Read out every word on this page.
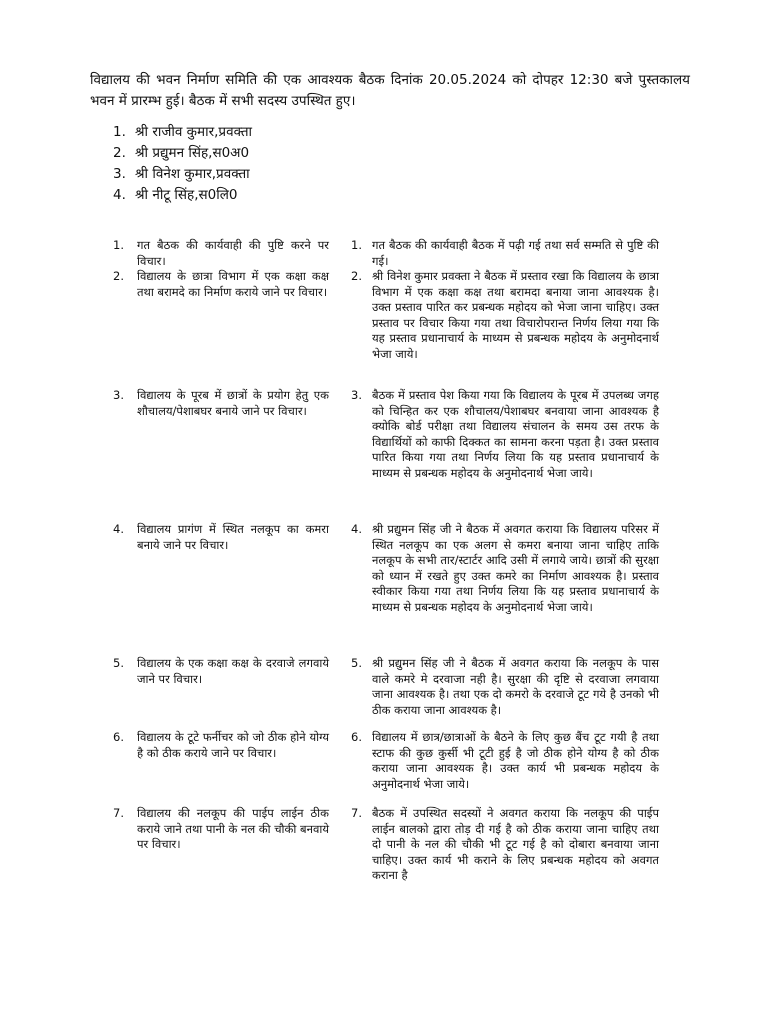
विद्यालय की भवन निर्माण समिति की एक आवश्यक बैठक दिनांक 20.05.2024 को दोपहर 12:30 बजे पुस्तकालय भवन में प्रारम्भ हुई। बैठक में सभी सदस्य उपस्थित हुए।
1. श्री राजीव कुमार,प्रवक्ता
2. श्री प्रद्युमन सिंह,स0अ0
3. श्री विनेश कुमार,प्रवक्ता
4. श्री नीटू सिंह,स0लि0
1. गत बैठक की कार्यवाही की पुष्टि करने पर विचार।
2. विद्यालय के छात्रा विभाग में एक कक्षा कक्ष तथा बरामदे का निर्माण कराये जाने पर विचार।
3. विद्यालय के पूरब में छात्रों के प्रयोग हेतु एक शौचालय/पेशाबघर बनाये जाने पर विचार।
4. विद्यालय प्रागंण में स्थित नलकूप का कमरा बनाये जाने पर विचार।
5. विद्यालय के एक कक्षा कक्ष के दरवाजे लगवाये जाने पर विचार।
6. विद्यालय के टूटे फर्नीचर को जो ठीक होने योग्य है को ठीक कराये जाने पर विचार।
7. विद्यालय की नलकूप की पाईप लाईन ठीक कराये जाने तथा पानी के नल की चौकी बनवाये पर विचार।
1. गत बैठक की कार्यवाही बैठक में पढ़ी गई तथा सर्व सम्मति से पुष्टि की गई।
2. श्री विनेश कुमार प्रवक्ता ने बैठक में प्रस्ताव रखा कि विद्यालय के छात्रा विभाग में एक कक्षा कक्ष तथा बरामदा बनाया जाना आवश्यक है। उक्त प्रस्ताव पारित कर प्रबन्धक महोदय को भेजा जाना चाहिए। उक्त प्रस्ताव पर विचार किया गया तथा विचारोपरान्त निर्णय लिया गया कि यह प्रस्ताव प्रधानाचार्य के माध्यम से प्रबन्धक महोदय के अनुमोदनार्थ भेजा जाये।
3. बैठक में प्रस्ताव पेश किया गया कि विद्यालय के पूरब में उपलब्ध जगह को चिन्हित कर एक शौचालय/पेशाबघर बनवाया जाना आवश्यक है क्योकि बोर्ड परीक्षा तथा विद्यालय संचालन के समय उस तरफ के विद्यार्थियों को काफी दिक्कत का सामना करना पड़ता है। उक्त प्रस्ताव पारित किया गया तथा निर्णय लिया कि यह प्रस्ताव प्रधानाचार्य के माध्यम से प्रबन्धक महोदय के अनुमोदनार्थ भेजा जाये।
4. श्री प्रद्युमन सिंह जी ने बैठक में अवगत कराया कि विद्यालय परिसर में स्थित नलकूप का एक अलग से कमरा बनाया जाना चाहिए ताकि नलकूप के सभी तार/स्टार्टर आदि उसी में लगाये जाये। छात्रों की सुरक्षा को ध्यान में रखते हुए उक्त कमरे का निर्माण आवश्यक है। प्रस्ताव स्वीकार किया गया तथा निर्णय लिया कि यह प्रस्ताव प्रधानाचार्य के माध्यम से प्रबन्धक महोदय के अनुमोदनार्थ भेजा जाये।
5. श्री प्रद्युमन सिंह जी ने बैठक में अवगत कराया कि नलकूप के पास वाले कमरे मे दरवाजा नही है। सुरक्षा की दृष्टि से दरवाजा लगवाया जाना आवश्यक है। तथा एक दो कमरो के दरवाजे टूट गये है उनको भी ठीक कराया जाना आवश्यक है।
6. विद्यालय में छात्र/छात्राओं के बैठने के लिए कुछ बैंच टूट गयी है तथा स्टाफ की कुछ कुर्सी भी टूटी हुई है जो ठीक होने योग्य है को ठीक कराया जाना आवश्यक है। उक्त कार्य भी प्रबन्धक महोदय के अनुमोदनार्थ भेजा जाये।
7. बैठक में उपस्थित सदस्यों ने अवगत कराया कि नलकूप की पाईप लाईन बालको द्वारा तोड़ दी गई है को ठीक कराया जाना चाहिए तथा दो पानी के नल की चौकी भी टूट गई है को दोबारा बनवाया जाना चाहिए। उक्त कार्य भी कराने के लिए प्रबन्धक महोदय को अवगत कराना है
